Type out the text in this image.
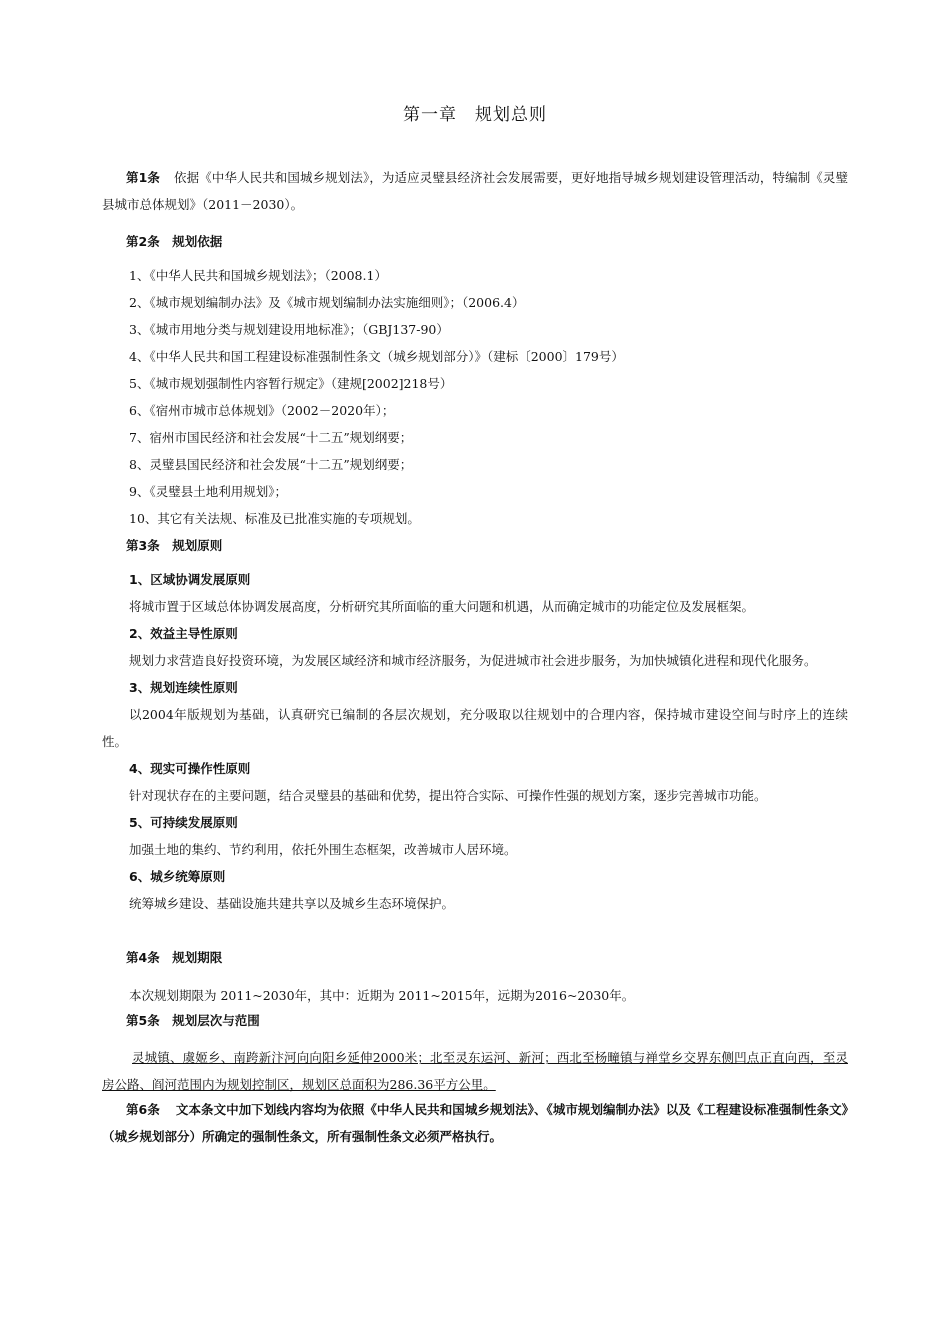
第一章　规划总则
第1条 依据《中华人民共和国城乡规划法》，为适应灵璧县经济社会发展需要，更好地指导城乡规划建设管理活动，特编制《灵璧县城市总体规划》（2011－2030）。
第2条　规划依据
1、《中华人民共和国城乡规划法》；（2008.1）
2、《城市规划编制办法》及《城市规划编制办法实施细则》；（2006.4）
3、《城市用地分类与规划建设用地标准》；（GBJ137-90）
4、《中华人民共和国工程建设标准强制性条文（城乡规划部分）》（建标〔2000〕179号）
5、《城市规划强制性内容暂行规定》（建规[2002]218号）
6、《宿州市城市总体规划》（2002－2020年）；
7、宿州市国民经济和社会发展“十二五”规划纲要；
8、灵璧县国民经济和社会发展“十二五”规划纲要；
9、《灵璧县土地利用规划》；
10、其它有关法规、标准及已批准实施的专项规划。
第3条　规划原则
1、区域协调发展原则
将城市置于区域总体协调发展高度，分析研究其所面临的重大问题和机遇，从而确定城市的功能定位及发展框架。
2、效益主导性原则
规划力求营造良好投资环境，为发展区域经济和城市经济服务，为促进城市社会进步服务，为加快城镇化进程和现代化服务。
3、规划连续性原则
以2004年版规划为基础，认真研究已编制的各层次规划，充分吸取以往规划中的合理内容，保持城市建设空间与时序上的连续性。
4、现实可操作性原则
针对现状存在的主要问题，结合灵璧县的基础和优势，提出符合实际、可操作性强的规划方案，逐步完善城市功能。
5、可持续发展原则
加强土地的集约、节约利用，依托外围生态框架，改善城市人居环境。
6、城乡统筹原则
统筹城乡建设、基础设施共建共享以及城乡生态环境保护。
第4条　规划期限
本次规划期限为 2011~2030年，其中：近期为 2011~2015年，远期为2016~2030年。
第5条　规划层次与范围
灵城镇、虞姬乡、南跨新汴河向向阳乡延伸2000米；北至灵东运河、新河；西北至杨疃镇与禅堂乡交界东侧凹点正直向西，至灵房公路、阎河范围内为规划控制区，规划区总面积为286.36平方公里。
第6条 文本条文中加下划线内容均为依照《中华人民共和国城乡规划法》、《城市规划编制办法》以及《工程建设标准强制性条文》（城乡规划部分）所确定的强制性条文，所有强制性条文必须严格执行。
